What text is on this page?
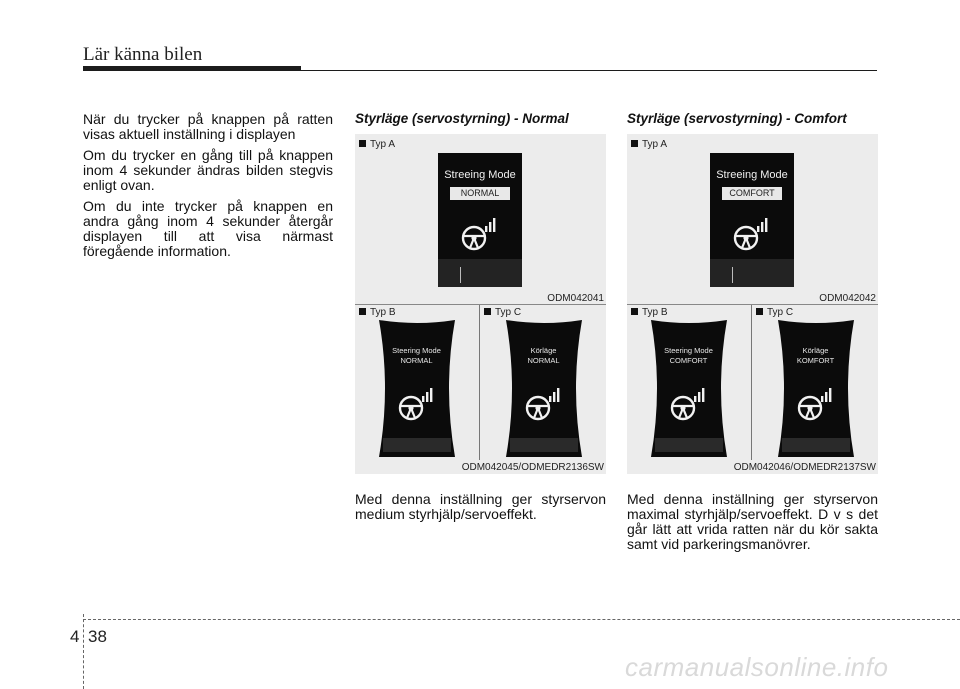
Lär känna bilen

När du trycker på knappen på ratten visas aktuell inställning i displayen

Om du trycker en gång till på knappen inom 4 sekunder ändras bilden stegvis enligt ovan.

Om du inte trycker på knappen en andra gång inom 4 sekunder återgår displayen till att visa närmast föregående information.

Styrläge (servostyrning) - Normal
Typ A
Streeing Mode
NORMAL
ODM042041
Typ B	Typ C
Steering Mode
NORMAL
Körläge
NORMAL
ODM042045/ODMEDR2136SW
Med denna inställning ger styrservon medium styrhjälp/servoeffekt.
Styrläge (servostyrning) - Comfort
Typ A
Streeing Mode
COMFORT
ODM042042
Typ B	Typ C
Steering Mode
COMFORT
Körläge
KOMFORT
ODM042046/ODMEDR2137SW
Med denna inställning ger styrservon maximal styrhjälp/servoeffekt. D v s det går lätt att vrida ratten när du kör sakta samt vid parkeringsmanövrer.
4 38
carmanualsonline.info
